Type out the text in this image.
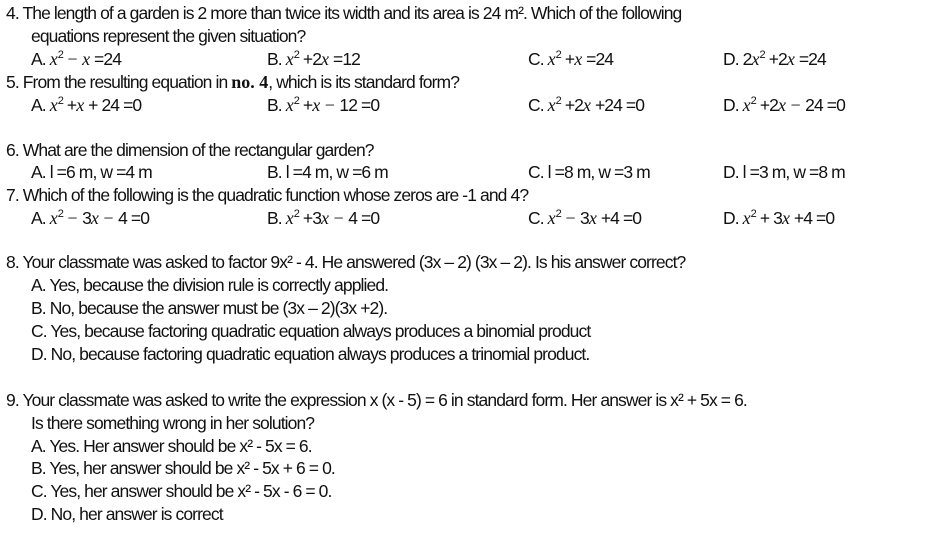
4. The length of a garden is 2 more than twice its width and its area is 24 m². Which of the following
equations represent the given situation?
A. $x^2 - x =24$	B. $x^2 +2x =12$	C. $x^2 +x =24$	D. $2x^2 +2x =24$
5. From the resulting equation in no. 4, which is its standard form?
A. $x^2 +x + 24 =0$	B. $x^2 +x - 12 =0$	C. $x^2 +2x +24 =0$	D. $x^2 +2x - 24 =0$
6. What are the dimension of the rectangular garden?
A. l =6 m, w =4 m	B. l =4 m, w =6 m	C. l =8 m, w =3 m	D. l =3 m, w =8 m
7. Which of the following is the quadratic function whose zeros are -1 and 4?
A. $x^2 - 3x - 4 =0$	B. $x^2 +3x - 4 =0$	C. $x^2 - 3x +4 =0$	D. $x^2 + 3x +4 =0$
8. Your classmate was asked to factor 9x² - 4. He answered (3x – 2) (3x – 2). Is his answer correct?
A. Yes, because the division rule is correctly applied.
B. No, because the answer must be (3x – 2)(3x +2).
C. Yes, because factoring quadratic equation always produces a binomial product
D. No, because factoring quadratic equation always produces a trinomial product.
9. Your classmate was asked to write the expression x (x - 5) = 6 in standard form. Her answer is x² + 5x = 6.
Is there something wrong in her solution?
A. Yes. Her answer should be x² - 5x = 6.
B. Yes, her answer should be x² - 5x + 6 = 0.
C. Yes, her answer should be x² - 5x - 6 = 0.
D. No, her answer is correct
